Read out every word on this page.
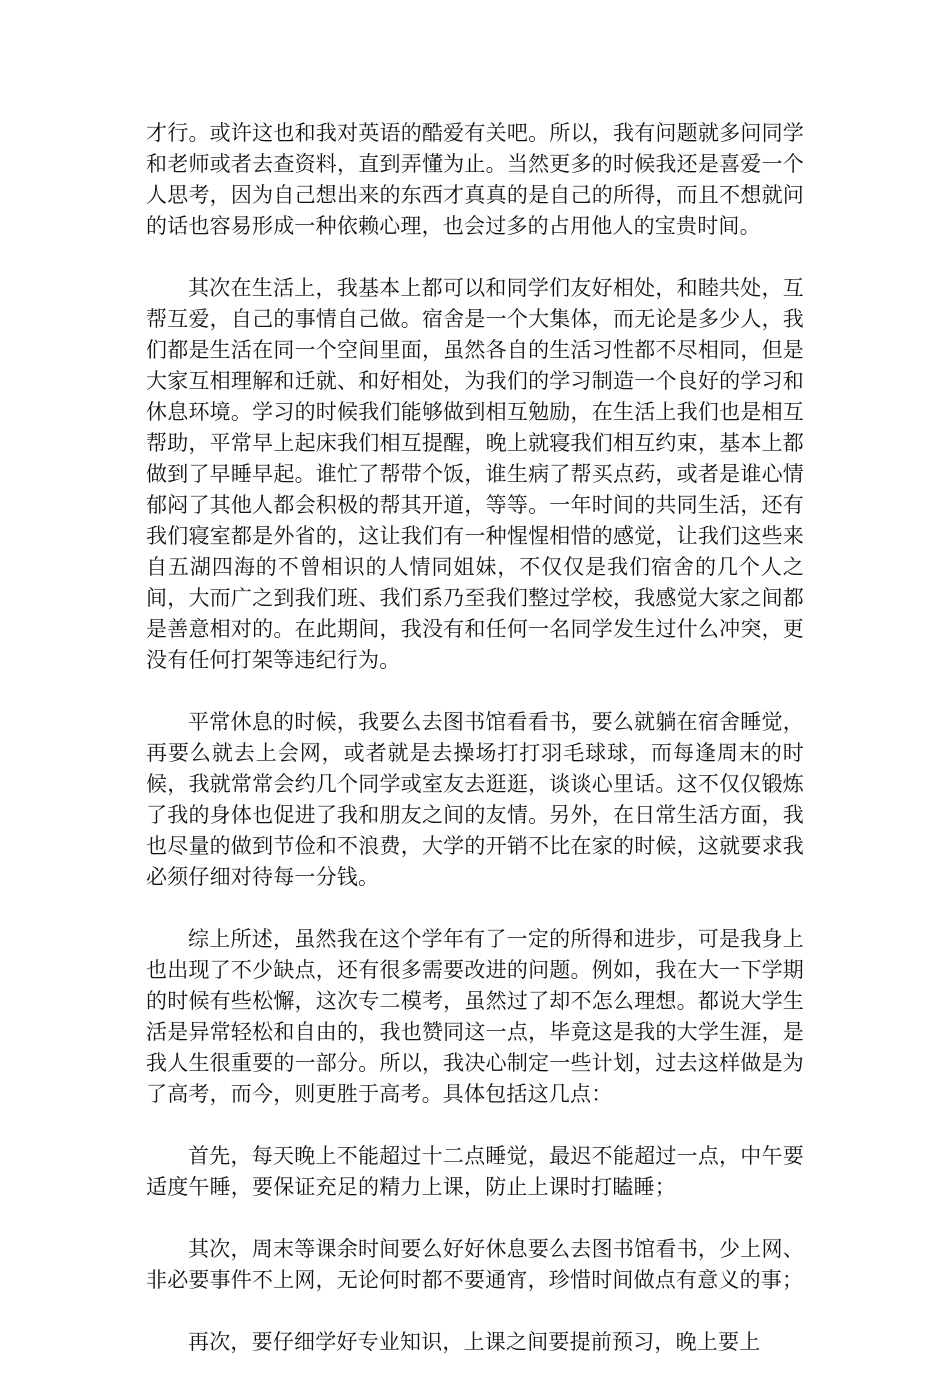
才行。或许这也和我对英语的酷爱有关吧。所以，我有问题就多问同学和老师或者去查资料，直到弄懂为止。当然更多的时候我还是喜爱一个人思考，因为自己想出来的东西才真真的是自己的所得，而且不想就问的话也容易形成一种依赖心理，也会过多的占用他人的宝贵时间。

其次在生活上，我基本上都可以和同学们友好相处，和睦共处，互帮互爱，自己的事情自己做。宿舍是一个大集体，而无论是多少人，我们都是生活在同一个空间里面，虽然各自的生活习性都不尽相同，但是大家互相理解和迁就、和好相处，为我们的学习制造一个良好的学习和休息环境。学习的时候我们能够做到相互勉励，在生活上我们也是相互帮助，平常早上起床我们相互提醒，晚上就寝我们相互约束，基本上都做到了早睡早起。谁忙了帮带个饭，谁生病了帮买点药，或者是谁心情郁闷了其他人都会积极的帮其开道，等等。一年时间的共同生活，还有我们寝室都是外省的，这让我们有一种惺惺相惜的感觉，让我们这些来自五湖四海的不曾相识的人情同姐妹，不仅仅是我们宿舍的几个人之间，大而广之到我们班、我们系乃至我们整过学校，我感觉大家之间都是善意相对的。在此期间，我没有和任何一名同学发生过什么冲突，更没有任何打架等违纪行为。

平常休息的时候，我要么去图书馆看看书，要么就躺在宿舍睡觉，再要么就去上会网，或者就是去操场打打羽毛球球，而每逢周末的时候，我就常常会约几个同学或室友去逛逛，谈谈心里话。这不仅仅锻炼了我的身体也促进了我和朋友之间的友情。另外，在日常生活方面，我也尽量的做到节俭和不浪费，大学的开销不比在家的时候，这就要求我必须仔细对待每一分钱。

综上所述，虽然我在这个学年有了一定的所得和进步，可是我身上也出现了不少缺点，还有很多需要改进的问题。例如，我在大一下学期的时候有些松懈，这次专二模考，虽然过了却不怎么理想。都说大学生活是异常轻松和自由的，我也赞同这一点，毕竟这是我的大学生涯，是我人生很重要的一部分。所以，我决心制定一些计划，过去这样做是为了高考，而今，则更胜于高考。具体包括这几点：

首先，每天晚上不能超过十二点睡觉，最迟不能超过一点，中午要适度午睡，要保证充足的精力上课，防止上课时打瞌睡；

其次，周末等课余时间要么好好休息要么去图书馆看书，少上网、非必要事件不上网，无论何时都不要通宵，珍惜时间做点有意义的事；

再次，要仔细学好专业知识，上课之间要提前预习，晚上要上
